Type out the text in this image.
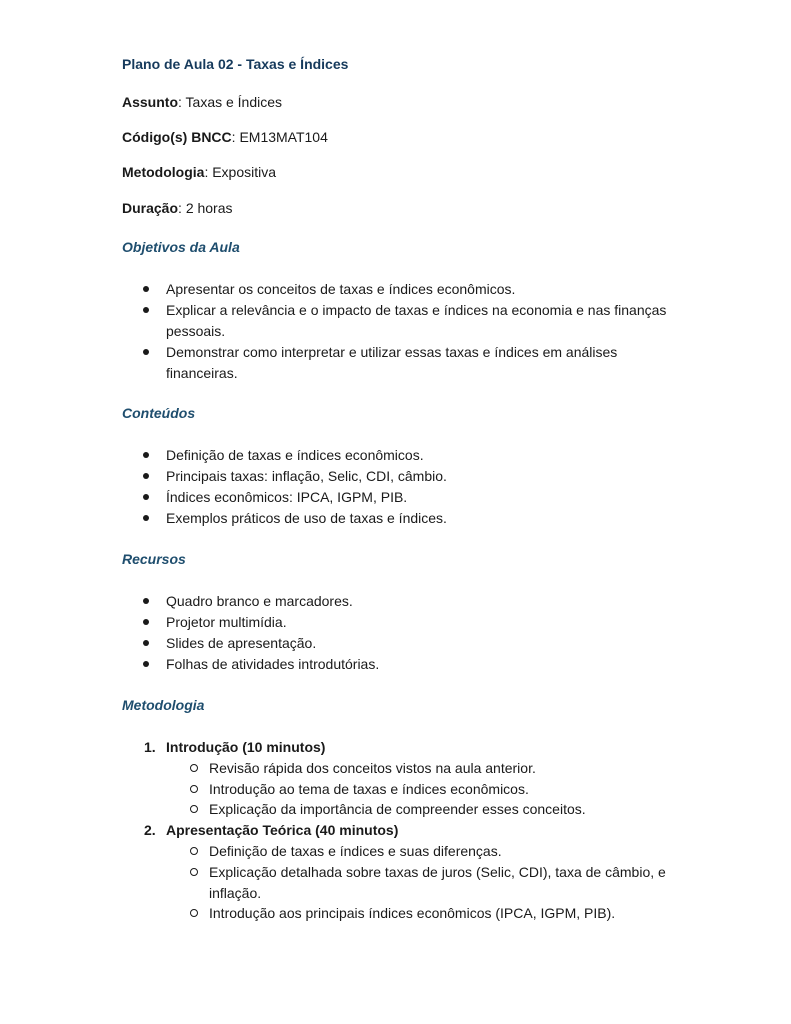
Plano de Aula 02 - Taxas e Índices
Assunto: Taxas e Índices
Código(s) BNCC: EM13MAT104
Metodologia: Expositiva
Duração: 2 horas
Objetivos da Aula
Apresentar os conceitos de taxas e índices econômicos.
Explicar a relevância e o impacto de taxas e índices na economia e nas finanças pessoais.
Demonstrar como interpretar e utilizar essas taxas e índices em análises financeiras.
Conteúdos
Definição de taxas e índices econômicos.
Principais taxas: inflação, Selic, CDI, câmbio.
Índices econômicos: IPCA, IGPM, PIB.
Exemplos práticos de uso de taxas e índices.
Recursos
Quadro branco e marcadores.
Projetor multimídia.
Slides de apresentação.
Folhas de atividades introdutórias.
Metodologia
1. Introdução (10 minutos)
Revisão rápida dos conceitos vistos na aula anterior.
Introdução ao tema de taxas e índices econômicos.
Explicação da importância de compreender esses conceitos.
2. Apresentação Teórica (40 minutos)
Definição de taxas e índices e suas diferenças.
Explicação detalhada sobre taxas de juros (Selic, CDI), taxa de câmbio, e inflação.
Introdução aos principais índices econômicos (IPCA, IGPM, PIB).
